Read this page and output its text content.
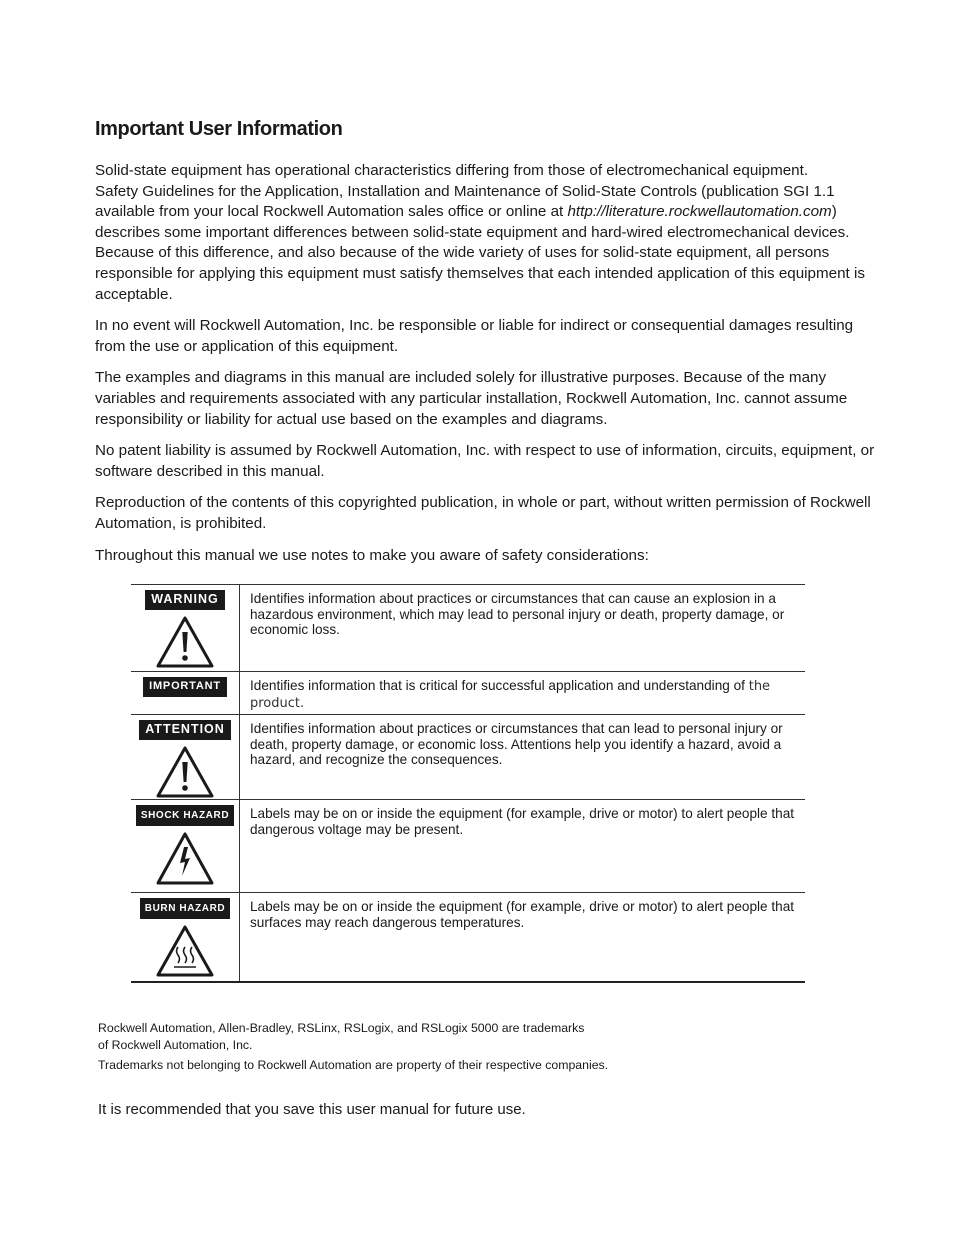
Important User Information

Solid-state equipment has operational characteristics differing from those of electromechanical equipment.
Safety Guidelines for the Application, Installation and Maintenance of Solid-State Controls (publication SGI 1.1 available from your local Rockwell Automation sales office or online at http://literature.rockwellautomation.com) describes some important differences between solid-state equipment and hard-wired electromechanical devices. Because of this difference, and also because of the wide variety of uses for solid-state equipment, all persons responsible for applying this equipment must satisfy themselves that each intended application of this equipment is acceptable.

In no event will Rockwell Automation, Inc. be responsible or liable for indirect or consequential damages resulting from the use or application of this equipment.

The examples and diagrams in this manual are included solely for illustrative purposes. Because of the many variables and requirements associated with any particular installation, Rockwell Automation, Inc. cannot assume responsibility or liability for actual use based on the examples and diagrams.

No patent liability is assumed by Rockwell Automation, Inc. with respect to use of information, circuits, equipment, or software described in this manual.

Reproduction of the contents of this copyrighted publication, in whole or part, without written permission of Rockwell Automation, is prohibited.

Throughout this manual we use notes to make you aware of safety considerations:

WARNING	Identifies information about practices or circumstances that can cause an explosion in a hazardous environment, which may lead to personal injury or death, property damage, or economic loss.
IMPORTANT	Identifies information that is critical for successful application and understanding of the product.
ATTENTION	Identifies information about practices or circumstances that can lead to personal injury or death, property damage, or economic loss. Attentions help you identify a hazard, avoid a hazard, and recognize the consequences.
SHOCK HAZARD	Labels may be on or inside the equipment (for example, drive or motor) to alert people that dangerous voltage may be present.
BURN HAZARD	Labels may be on or inside the equipment (for example, drive or motor) to alert people that surfaces may reach dangerous temperatures.

Rockwell Automation, Allen-Bradley, RSLinx, RSLogix, and RSLogix 5000 are trademarks
of Rockwell Automation, Inc.

Trademarks not belonging to Rockwell Automation are property of their respective companies.

It is recommended that you save this user manual for future use.
